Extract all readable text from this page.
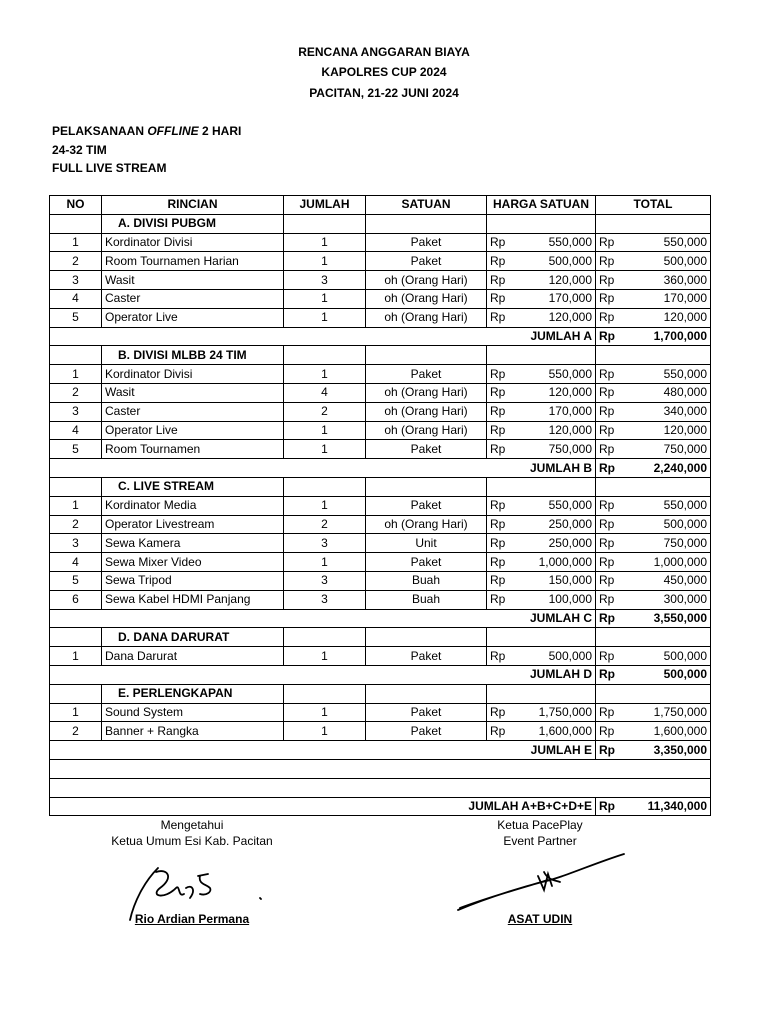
RENCANA ANGGARAN BIAYA
KAPOLRES CUP 2024
PACITAN, 21-22 JUNI 2024
PELAKSANAAN OFFLINE 2 HARI
24-32 TIM
FULL LIVE STREAM
NO	RINCIAN	JUMLAH	SATUAN	HARGA SATUAN		TOTAL	
	A. DIVISI PUBGM						
1	Kordinator Divisi	1	Paket	Rp	550,000	Rp	550,000
2	Room Tournamen Harian	1	Paket	Rp	500,000	Rp	500,000
3	Wasit	3	oh (Orang Hari)	Rp	120,000	Rp	360,000
4	Caster	1	oh (Orang Hari)	Rp	170,000	Rp	170,000
5	Operator Live	1	oh (Orang Hari)	Rp	120,000	Rp	120,000
JUMLAH A						Rp	1,700,000
	B. DIVISI MLBB 24 TIM						
1	Kordinator Divisi	1	Paket	Rp	550,000	Rp	550,000
2	Wasit	4	oh (Orang Hari)	Rp	120,000	Rp	480,000
3	Caster	2	oh (Orang Hari)	Rp	170,000	Rp	340,000
4	Operator Live	1	oh (Orang Hari)	Rp	120,000	Rp	120,000
5	Room Tournamen	1	Paket	Rp	750,000	Rp	750,000
JUMLAH B						Rp	2,240,000
	C. LIVE STREAM						
1	Kordinator Media	1	Paket	Rp	550,000	Rp	550,000
2	Operator Livestream	2	oh (Orang Hari)	Rp	250,000	Rp	500,000
3	Sewa Kamera	3	Unit	Rp	250,000	Rp	750,000
4	Sewa Mixer Video	1	Paket	Rp	1,000,000	Rp	1,000,000
5	Sewa Tripod	3	Buah	Rp	150,000	Rp	450,000
6	Sewa Kabel HDMI Panjang	3	Buah	Rp	100,000	Rp	300,000
JUMLAH C						Rp	3,550,000
	D. DANA DARURAT						
1	Dana Darurat	1	Paket	Rp	500,000	Rp	500,000
JUMLAH D						Rp	500,000
	E. PERLENGKAPAN						
1	Sound System	1	Paket	Rp	1,750,000	Rp	1,750,000
2	Banner + Rangka	1	Paket	Rp	1,600,000	Rp	1,600,000
JUMLAH E						Rp	3,350,000

JUMLAH A+B+C+D+E						Rp	11,340,000
Mengetahui
Ketua Umum Esi Kab. Pacitan
Rio Ardian Permana
Ketua PacePlay
Event Partner
ASAT UDIN
